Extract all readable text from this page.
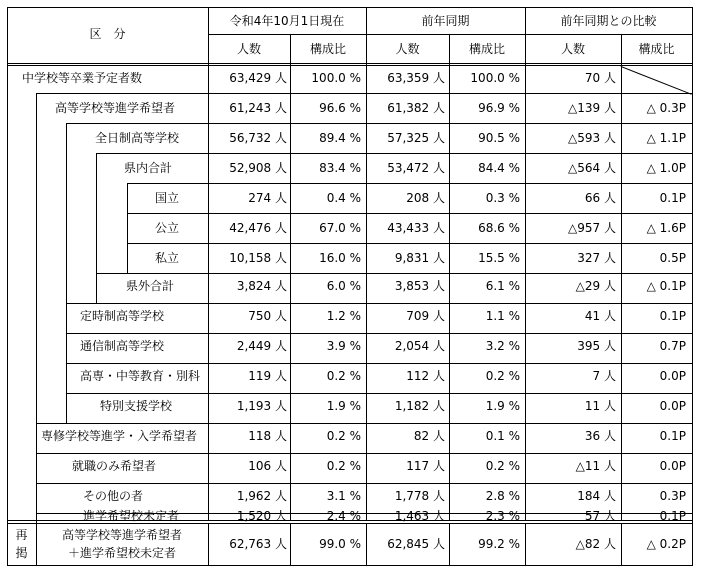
区　分
令和4年10月1日現在	前年同期	前年同期との比較
人数	構成比	人数	構成比	人数	構成比
中学校等卒業予定者数	63,429 人	100.0 %	63,359 人	100.0 %	70 人
高等学校等進学希望者	61,243 人	96.6 %	61,382 人	96.9 %	△139 人	△ 0.3P
全日制高等学校	56,732 人	89.4 %	57,325 人	90.5 %	△593 人	△ 1.1P
県内合計	52,908 人	83.4 %	53,472 人	84.4 %	△564 人	△ 1.0P
国立	274 人	0.4 %	208 人	0.3 %	66 人	0.1P
公立	42,476 人	67.0 %	43,433 人	68.6 %	△957 人	△ 1.6P
私立	10,158 人	16.0 %	9,831 人	15.5 %	327 人	0.5P
県外合計	3,824 人	6.0 %	3,853 人	6.1 %	△29 人	△ 0.1P
定時制高等学校	750 人	1.2 %	709 人	1.1 %	41 人	0.1P
通信制高等学校	2,449 人	3.9 %	2,054 人	3.2 %	395 人	0.7P
高専・中等教育・別科	119 人	0.2 %	112 人	0.2 %	7 人	0.0P
特別支援学校	1,193 人	1.9 %	1,182 人	1.9 %	11 人	0.0P
専修学校等進学・入学希望者	118 人	0.2 %	82 人	0.1 %	36 人	0.1P
就職のみ希望者	106 人	0.2 %	117 人	0.2 %	△11 人	0.0P
その他の者	1,962 人	3.1 %	1,778 人	2.8 %	184 人	0.3P
進学希望校未定者	1,520 人	2.4 %	1,463 人	2.3 %	57 人	0.1P
再
掲
高等学校等進学希望者
＋進学希望校未定者
62,763 人	99.0 %	62,845 人	99.2 %	△82 人	△ 0.2P
